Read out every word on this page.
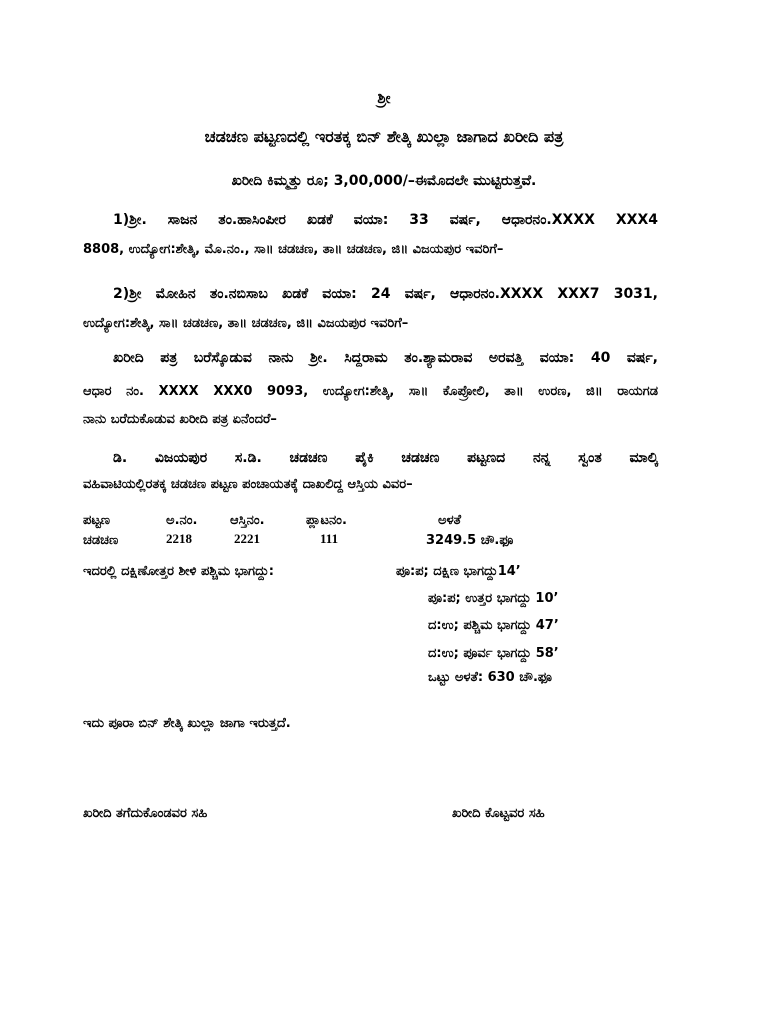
ಶ್ರೀ
ಚಡಚಣ ಪಟ್ಟಣದಲ್ಲಿ ಇರತಕ್ಕ ಬಿನ್ ಶೇತ್ಕಿ ಖುಲ್ಲಾ ಜಾಗಾದ ಖರೀದಿ ಪತ್ರ
ಖರೀದಿ ಕಿಮ್ಮತ್ತು ರೂ; 3,00,000/–ಈಮೊದಲೇ ಮುಟ್ಟಿರುತ್ತವೆ.
1)ಶ್ರೀ. ಸಾಜನ ತಂ.ಹಾಸಿಂಪೀರ ಖಡಕೆ ವಯಾ: 33 ವರ್ಷ, ಆಧಾರನಂ.XXXX XXX4
8808, ಉದ್ಯೋಗ:ಶೇತ್ಕಿ, ಮೊ.ನಂ., ಸಾ॥ ಚಡಚಣ, ತಾ॥ ಚಡಚಣ, ಜಿ॥ ವಿಜಯಪುರ ಇವರಿಗೆ–
2)ಶ್ರೀ ಮೋಹಿನ ತಂ.ನಬಿಸಾಬ ಖಡಕೆ ವಯಾ: 24 ವರ್ಷ, ಆಧಾರನಂ.XXXX XXX7 3031,
ಉದ್ಯೋಗ:ಶೇತ್ಕಿ, ಸಾ॥ ಚಡಚಣ, ತಾ॥ ಚಡಚಣ, ಜಿ॥ ವಿಜಯಪುರ ಇವರಿಗೆ–
ಖರೀದಿ ಪತ್ರ ಬರೆಸ್ಕೊಡುವ ನಾನು ಶ್ರೀ. ಸಿದ್ದರಾಮ ತಂ.ಶ್ಯಾಮರಾವ ಅರವತ್ತಿ ವಯಾ: 40 ವರ್ಷ,
ಆಧಾರ ನಂ. XXXX XXX0 9093, ಉದ್ಯೋಗ:ಶೇತ್ಕಿ, ಸಾ॥ ಕೊಪ್ರೋಲಿ, ತಾ॥ ಉರಣ, ಜಿ॥ ರಾಯಗಡ
ನಾನು ಬರೆದುಕೊಡುವ ಖರೀದಿ ಪತ್ರ ಏನೆಂದರೆ–
ಡಿ. ವಿಜಯಪುರ ಸ.ಡಿ. ಚಡಚಣ ಪೈಕಿ ಚಡಚಣ ಪಟ್ಟಣದ ನನ್ನ ಸ್ವಂತ ಮಾಲ್ಕಿ
ವಹಿವಾಟಿಯಲ್ಲಿರತಕ್ಕ ಚಡಚಣ ಪಟ್ಟಣ ಪಂಚಾಯತಕ್ಕೆ ದಾಖಲಿದ್ದ ಆಸ್ತಿಯ ವಿವರ–
ಪಟ್ಟಣ	ಅ.ನಂ.	ಆಸ್ತಿನಂ.	ಪ್ಲಾಟನಂ.	ಅಳತೆ
ಚಡಚಣ	2218	2221	111	3249.5 ಚೌ.ಫೂ
ಇದರಲ್ಲಿ ದಕ್ಷಿಣೋತ್ತರ ಶೀಳಿ ಪಶ್ಚಿಮ ಭಾಗದ್ದು:	ಪೂ:ಪ; ದಕ್ಷಿಣ ಭಾಗದ್ದು14’
ಪೂ:ಪ; ಉತ್ತರ ಭಾಗದ್ದು 10’
ದ:ಉ; ಪಶ್ಚಿಮ ಭಾಗದ್ದು 47’
ದ:ಉ; ಪೂರ್ವ ಭಾಗದ್ದು 58’
ಒಟ್ಟು ಅಳತೆ: 630 ಚೌ.ಫೂ
ಇದು ಪೂರಾ ಬಿನ್ ಶೇತ್ಕಿ ಖುಲ್ಲಾ ಜಾಗಾ ಇರುತ್ತದೆ.
ಖರೀದಿ ತಗೆದುಕೊಂಡವರ ಸಹಿ	ಖರೀದಿ ಕೊಟ್ಟವರ ಸಹಿ
